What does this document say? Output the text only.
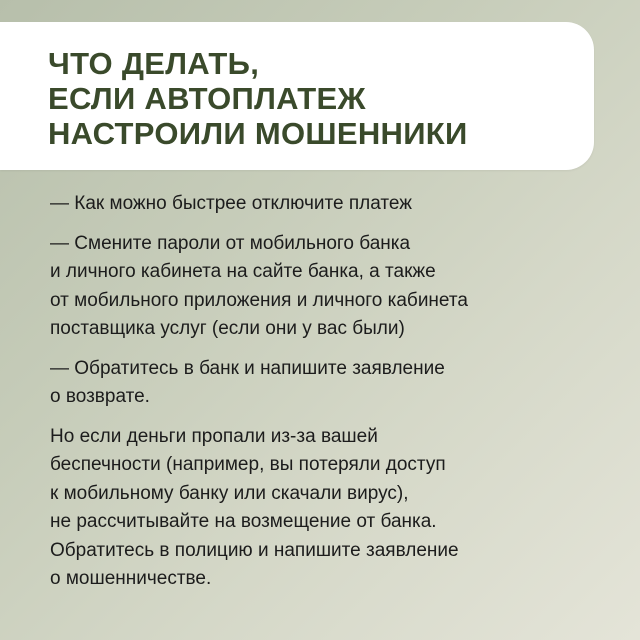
ЧТО ДЕЛАТЬ,
ЕСЛИ АВТОПЛАТЕЖ
НАСТРОИЛИ МОШЕННИКИ

— Как можно быстрее отключите платеж

— Смените пароли от мобильного банка
и личного кабинета на сайте банка, а также
от мобильного приложения и личного кабинета
поставщика услуг (если они у вас были)

— Обратитесь в банк и напишите заявление
о возврате.

Но если деньги пропали из-за вашей
беспечности (например, вы потеряли доступ
к мобильному банку или скачали вирус),
не рассчитывайте на возмещение от банка.
Обратитесь в полицию и напишите заявление
о мошенничестве.
